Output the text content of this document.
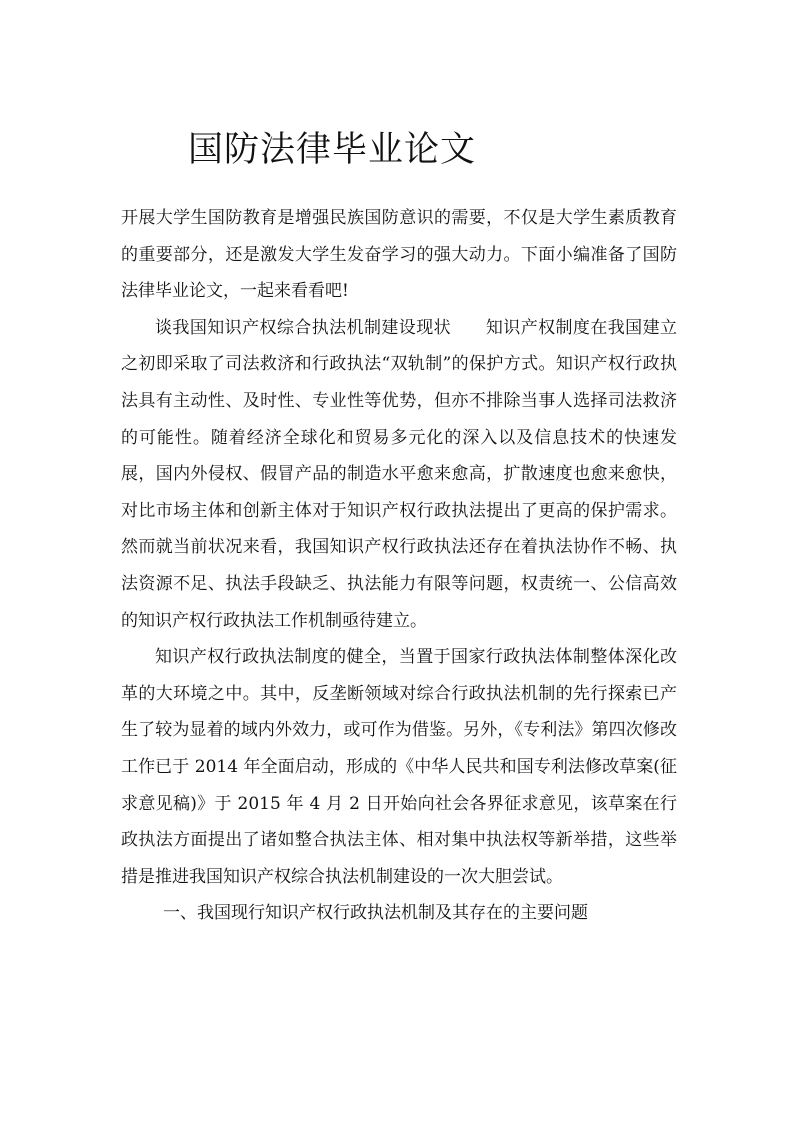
国防法律毕业论文

开展大学生国防教育是增强民族国防意识的需要，不仅是大学生素质教育的重要部分，还是激发大学生发奋学习的强大动力。下面小编准备了国防法律毕业论文，一起来看看吧!

谈我国知识产权综合执法机制建设现状　　知识产权制度在我国建立之初即采取了司法救济和行政执法“双轨制”的保护方式。知识产权行政执法具有主动性、及时性、专业性等优势，但亦不排除当事人选择司法救济的可能性。随着经济全球化和贸易多元化的深入以及信息技术的快速发展，国内外侵权、假冒产品的制造水平愈来愈高，扩散速度也愈来愈快，对比市场主体和创新主体对于知识产权行政执法提出了更高的保护需求。然而就当前状况来看，我国知识产权行政执法还存在着执法协作不畅、执法资源不足、执法手段缺乏、执法能力有限等问题，权责统一、公信高效的知识产权行政执法工作机制亟待建立。

知识产权行政执法制度的健全，当置于国家行政执法体制整体深化改革的大环境之中。其中，反垄断领域对综合行政执法机制的先行探索已产生了较为显着的域内外效力，或可作为借鉴。另外，《专利法》第四次修改工作已于 2014 年全面启动，形成的《中华人民共和国专利法修改草案(征求意见稿)》于 2015 年 4 月 2 日开始向社会各界征求意见，该草案在行政执法方面提出了诸如整合执法主体、相对集中执法权等新举措，这些举措是推进我国知识产权综合执法机制建设的一次大胆尝试。

一、我国现行知识产权行政执法机制及其存在的主要问题
